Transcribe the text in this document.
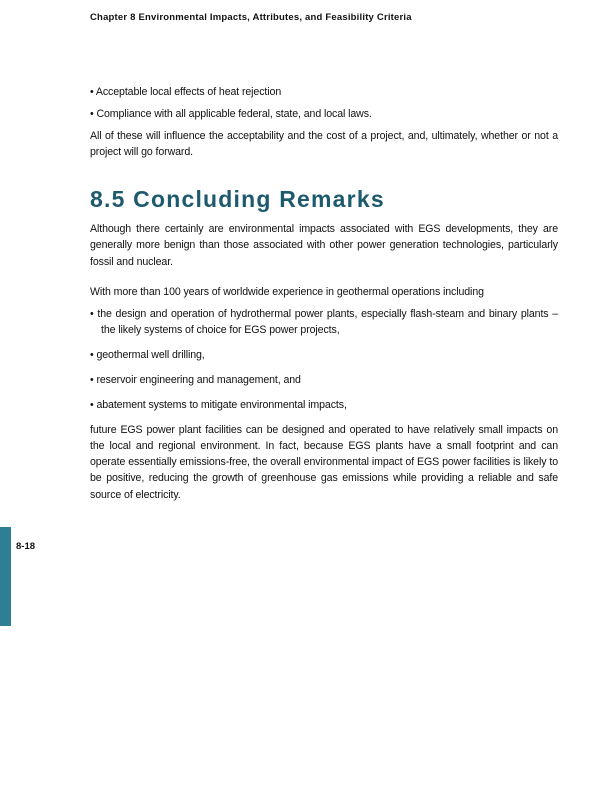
Chapter 8 Environmental Impacts, Attributes, and Feasibility Criteria

• Acceptable local effects of heat rejection

• Compliance with all applicable federal, state, and local laws.

All of these will influence the acceptability and the cost of a project, and, ultimately, whether or not a project will go forward.

8.5 Concluding Remarks

Although there certainly are environmental impacts associated with EGS developments, they are generally more benign than those associated with other power generation technologies, particularly fossil and nuclear.

With more than 100 years of worldwide experience in geothermal operations including

• the design and operation of hydrothermal power plants, especially flash-steam and binary plants – the likely systems of choice for EGS power projects,

• geothermal well drilling,

• reservoir engineering and management, and

• abatement systems to mitigate environmental impacts,

future EGS power plant facilities can be designed and operated to have relatively small impacts on the local and regional environment. In fact, because EGS plants have a small footprint and can operate essentially emissions-free, the overall environmental impact of EGS power facilities is likely to be positive, reducing the growth of greenhouse gas emissions while providing a reliable and safe source of electricity.

8-18
